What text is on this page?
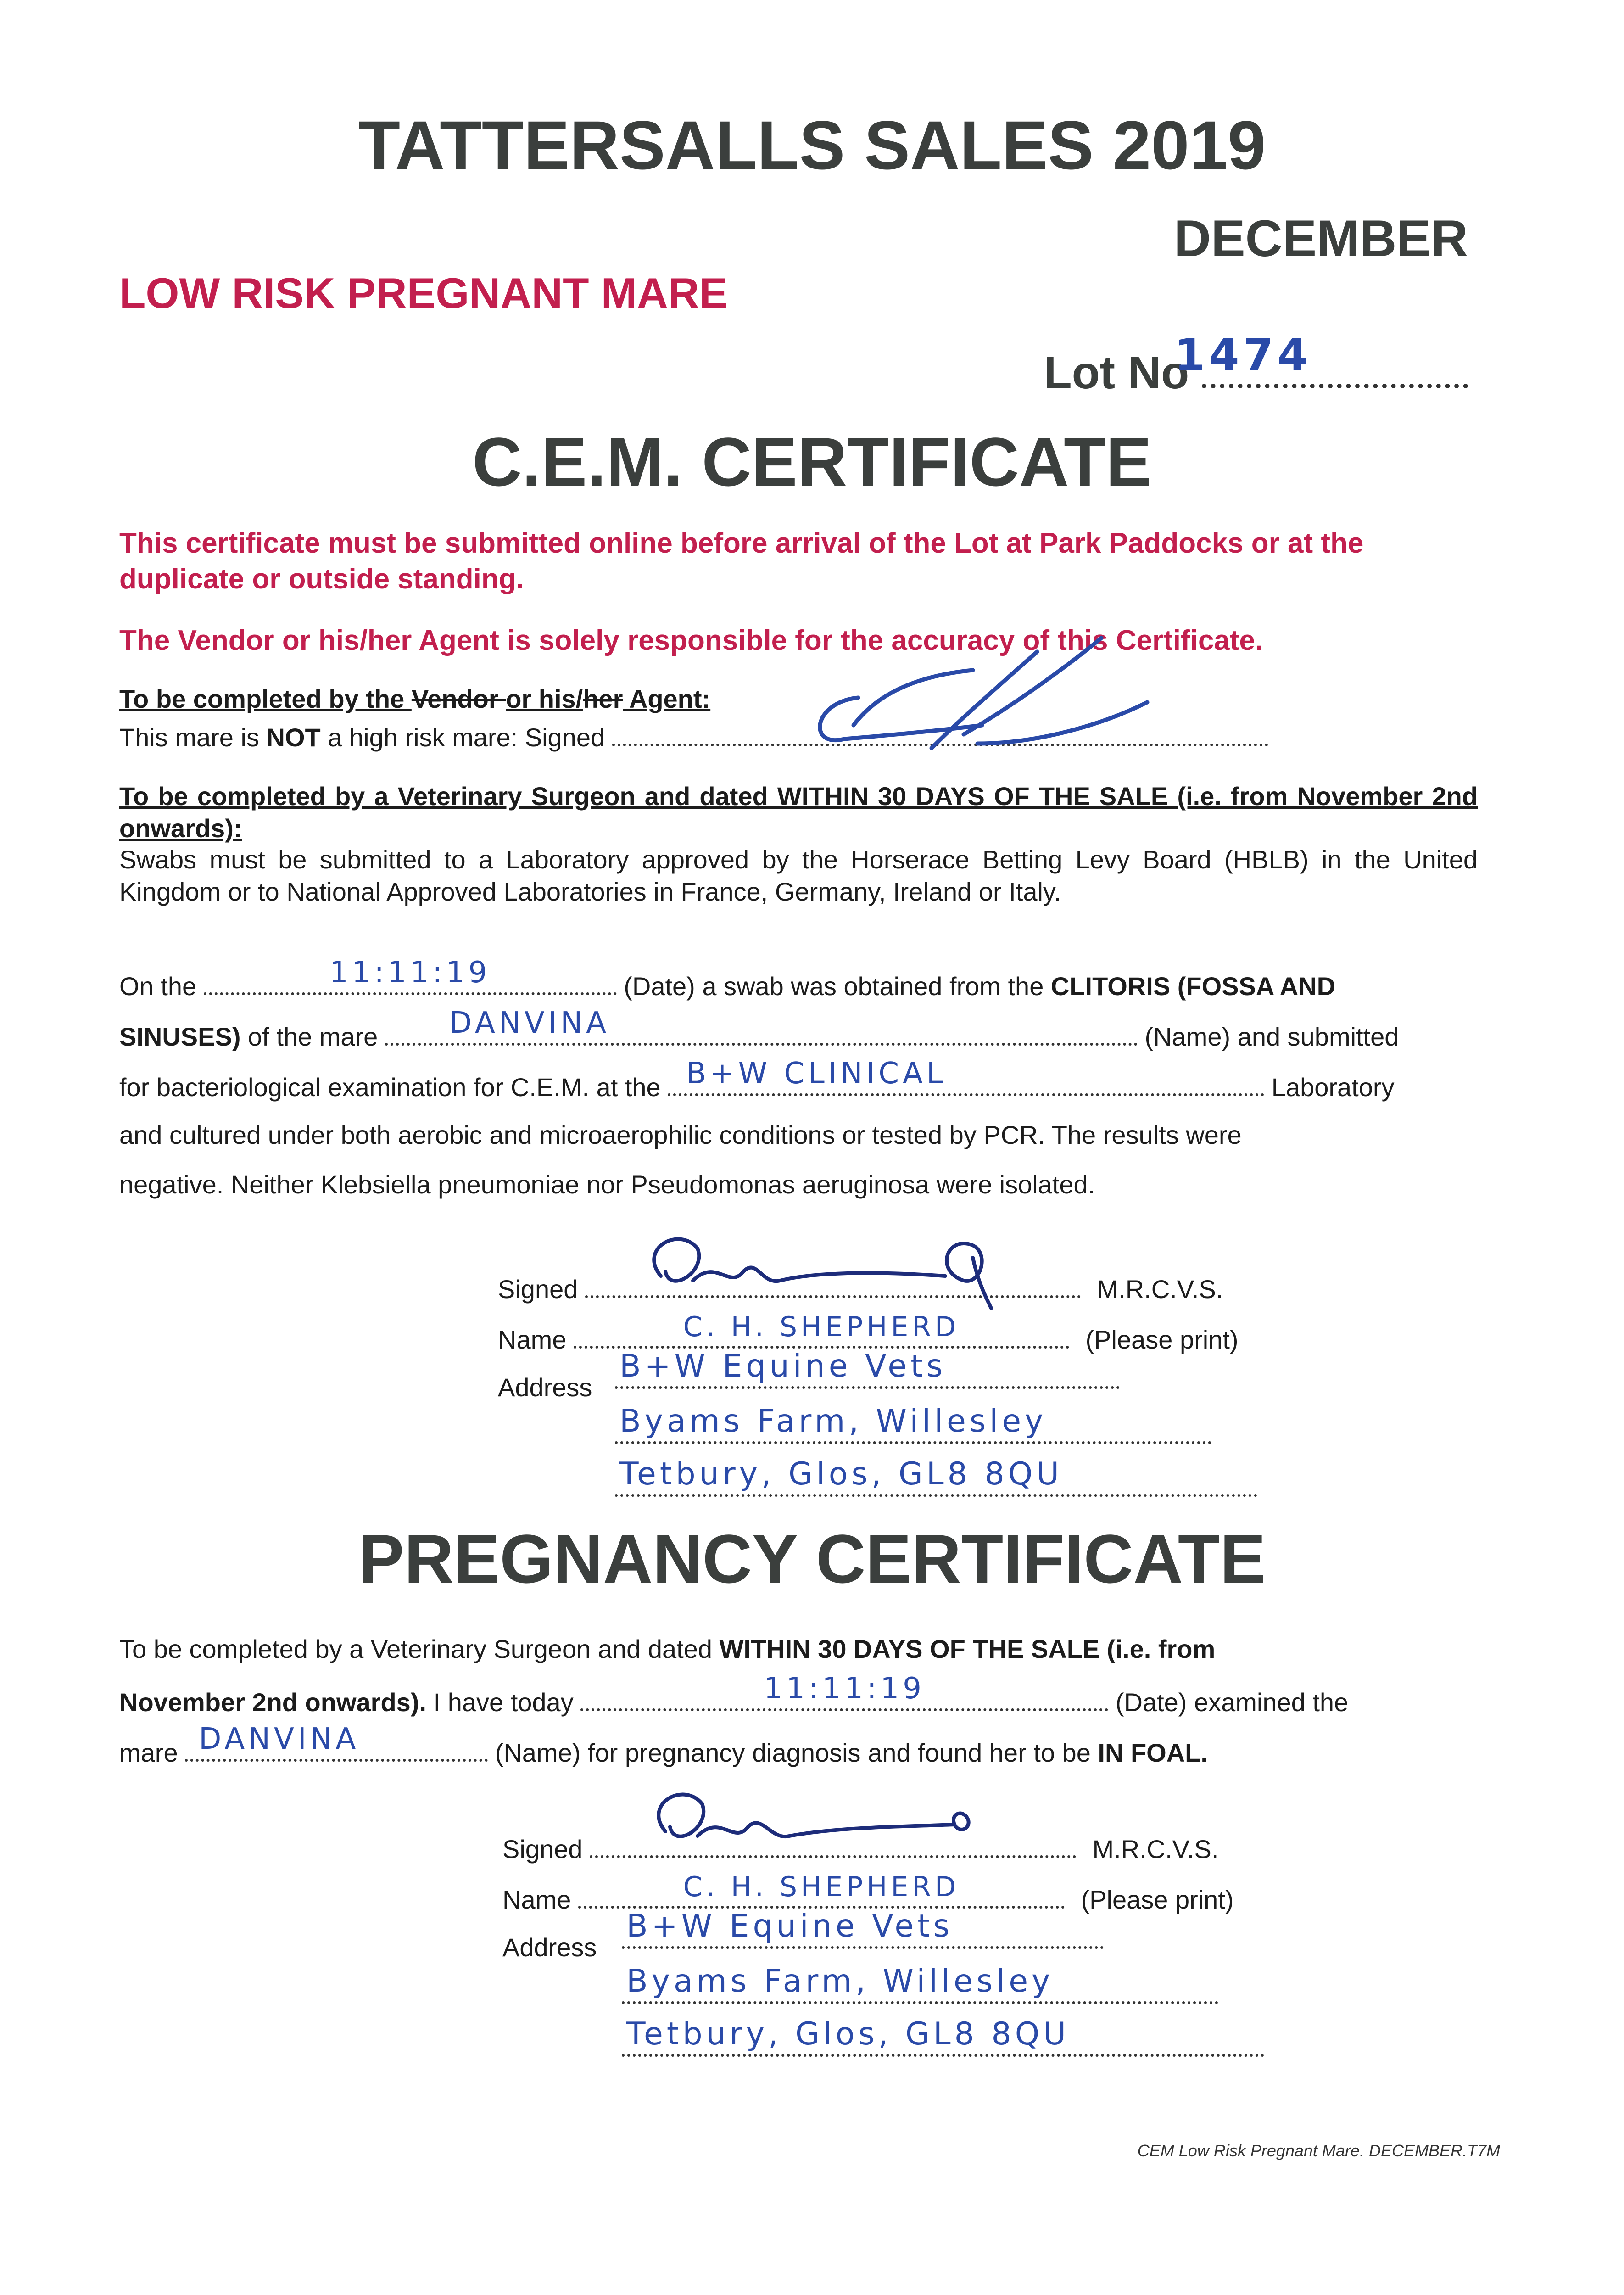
TATTERSALLS SALES 2019
DECEMBER
LOW RISK PREGNANT MARE
Lot No
1474
C.E.M. CERTIFICATE
This certificate must be submitted online before arrival of the Lot at Park Paddocks or at the duplicate or outside standing.
The Vendor or his/her Agent is solely responsible for the accuracy of this Certificate.
To be completed by the Vendor or his/her Agent:
This mare is NOT a high risk mare: Signed
To be completed by a Veterinary Surgeon and dated WITHIN 30 DAYS OF THE SALE (i.e. from November 2nd onwards):
Swabs must be submitted to a Laboratory approved by the Horserace Betting Levy Board (HBLB) in the United Kingdom or to National Approved Laboratories in France, Germany, Ireland or Italy.
On the	11:11:19	(Date) a swab was obtained from the CLITORIS (FOSSA AND
SINUSES) of the mare DANVINA	(Name) and submitted
for bacteriological examination for C.E.M. at the B+W CLINICAL	Laboratory
and cultured under both aerobic and microaerophilic conditions or tested by PCR. The results were
negative. Neither Klebsiella pneumoniae nor Pseudomonas aeruginosa were isolated.
Signed	M.R.C.V.S.
Name	C. H. SHEPHERD	(Please print)
Address
B+W Equine Vets
Byams Farm, Willesley
Tetbury, Glos, GL8 8QU
PREGNANCY CERTIFICATE
To be completed by a Veterinary Surgeon and dated WITHIN 30 DAYS OF THE SALE (i.e. from
November 2nd onwards). I have today	11:11:19	(Date) examined the
mare DANVINA	(Name) for pregnancy diagnosis and found her to be IN FOAL.
Signed	M.R.C.V.S.
Name	C. H. SHEPHERD	(Please print)
Address
B+W Equine Vets
Byams Farm, Willesley
Tetbury, Glos, GL8 8QU
CEM Low Risk Pregnant Mare. DECEMBER.T7M
